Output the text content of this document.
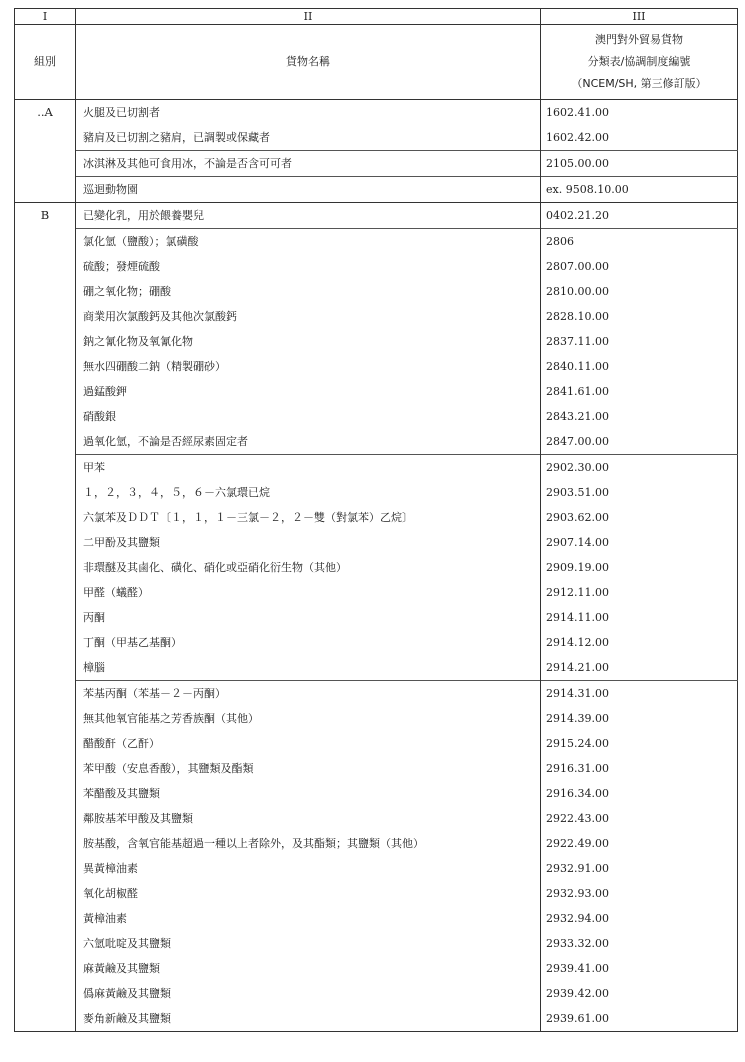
I	II	III
組別	貨物名稱	澳門對外貿易貨物
分類表/協調制度編號
（NCEM/SH, 第三修訂版）

..A	火腿及已切割者	1602.41.00
	豬肩及已切割之豬肩，已調製或保藏者	1602.42.00
	冰淇淋及其他可食用冰，不論是否含可可者	2105.00.00
	巡迴動物園	ex. 9508.10.00
B	已變化乳，用於餵養嬰兒	0402.21.20
	氯化氫（鹽酸）；氯磺酸	2806
	硫酸；發煙硫酸	2807.00.00
	硼之氧化物；硼酸	2810.00.00
	商業用次氯酸鈣及其他次氯酸鈣	2828.10.00
	鈉之氰化物及氧氰化物	2837.11.00
	無水四硼酸二鈉（精製硼砂）	2840.11.00
	過錳酸鉀	2841.61.00
	硝酸銀	2843.21.00
	過氧化氫，不論是否經尿素固定者	2847.00.00
	甲苯	2902.30.00
	１，２，３，４，５，６－六氯環已烷	2903.51.00
	六氯苯及ＤＤＴ〔１，１，１－三氯－２，２－雙（對氯苯）乙烷〕	2903.62.00
	二甲酚及其鹽類	2907.14.00
	非環醚及其鹵化、磺化、硝化或亞硝化衍生物（其他）	2909.19.00
	甲醛（蟻醛）	2912.11.00
	丙酮	2914.11.00
	丁酮（甲基乙基酮）	2914.12.00
	樟腦	2914.21.00
	苯基丙酮（苯基－２－丙酮）	2914.31.00
	無其他氧官能基之芳香族酮（其他）	2914.39.00
	醋酸酐（乙酐）	2915.24.00
	苯甲酸（安息香酸），其鹽類及酯類	2916.31.00
	苯醋酸及其鹽類	2916.34.00
	鄰胺基苯甲酸及其鹽類	2922.43.00
	胺基酸，含氧官能基超過一種以上者除外，及其酯類；其鹽類（其他）	2922.49.00
	異黃樟油素	2932.91.00
	氧化胡椒醛	2932.93.00
	黃樟油素	2932.94.00
	六氫吡啶及其鹽類	2933.32.00
	麻黃鹼及其鹽類	2939.41.00
	僞麻黃鹼及其鹽類	2939.42.00
	麥角新鹼及其鹽類	2939.61.00
